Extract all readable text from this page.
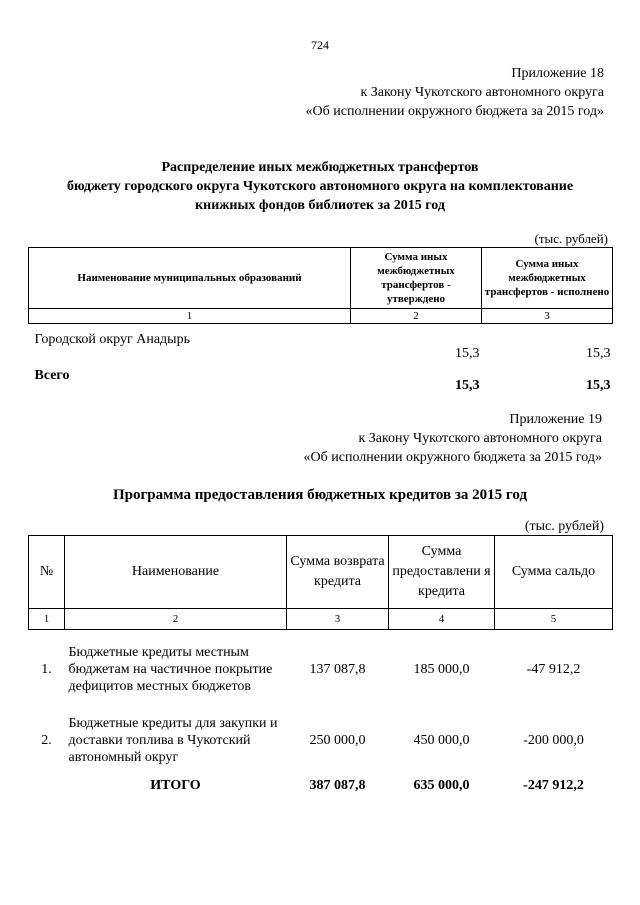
724
Приложение 18
к Закону Чукотского автономного округа
«Об исполнении окружного бюджета за 2015 год»
Распределение иных межбюджетных трансфертов
бюджету городского округа Чукотского автономного округа на комплектование
книжных фондов библиотек за 2015 год
(тыс. рублей)
Наименование муниципальных образований	Сумма иных межбюджетных трансфертов - утверждено	Сумма иных межбюджетных трансфертов - исполнено
1	2	3
Городской округ Анадырь	15,3	15,3
Всего	15,3	15,3
Приложение 19
к Закону Чукотского автономного округа
«Об исполнении окружного бюджета за 2015 год»
Программа предоставления бюджетных кредитов за 2015 год
(тыс. рублей)
№	Наименование	Сумма возврата кредита	Сумма предоставлени я кредита	Сумма сальдо
1	2	3	4	5
1.	Бюджетные кредиты местным бюджетам на частичное покрытие дефицитов местных бюджетов	137 087,8	185 000,0	-47 912,2
2.	Бюджетные кредиты для закупки и доставки топлива в Чукотский автономный округ	250 000,0	450 000,0	-200 000,0
	ИТОГО	387 087,8	635 000,0	-247 912,2
